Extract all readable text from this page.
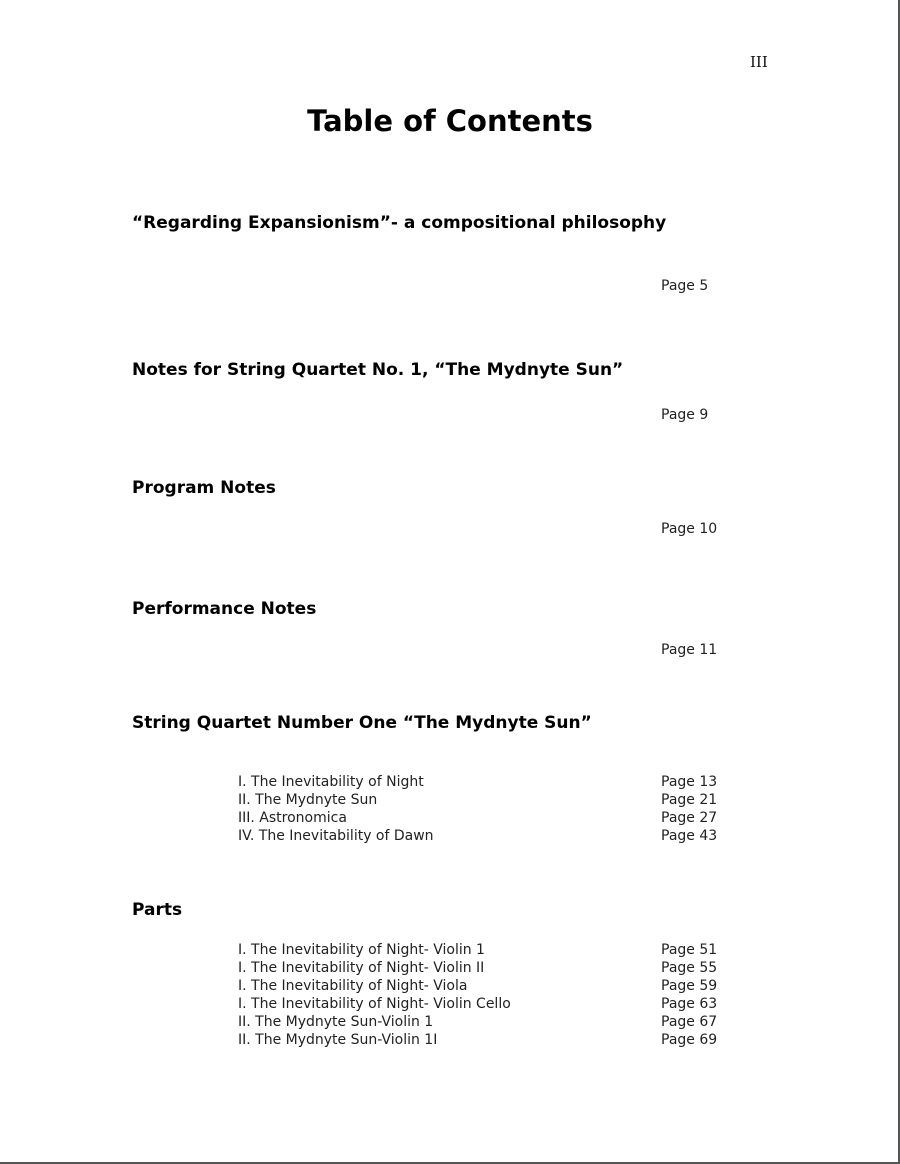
III
Table of Contents
“Regarding Expansionism”- a compositional philosophy
Page 5
Notes for String Quartet No. 1, “The Mydnyte Sun”
Page 9
Program Notes
Page 10
Performance Notes
Page 11
String Quartet Number One “The Mydnyte Sun”
I. The Inevitability of Night	Page 13
II. The Mydnyte Sun	Page 21
III. Astronomica	Page 27
IV. The Inevitability of Dawn	Page 43
Parts
I. The Inevitability of Night- Violin 1	Page 51
I. The Inevitability of Night- Violin II	Page 55
I. The Inevitability of Night- Viola	Page 59
I. The Inevitability of Night- Violin Cello	Page 63
II. The Mydnyte Sun-Violin 1	Page 67
II. The Mydnyte Sun-Violin 1I	Page 69
